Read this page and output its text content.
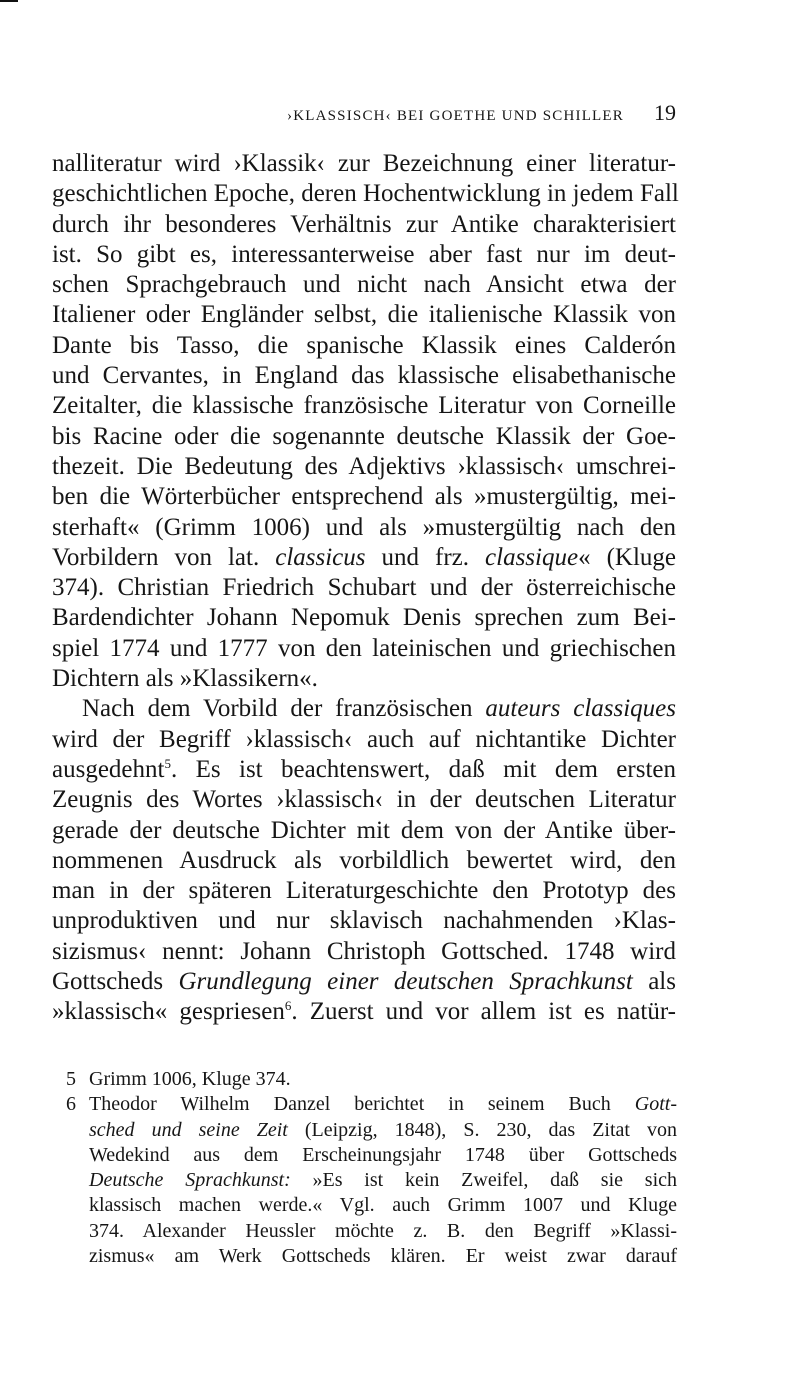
›KLASSISCH‹ BEI GOETHE UND SCHILLER 19
nalliteratur wird ›Klassik‹ zur Bezeichnung einer literatur-
geschichtlichen Epoche, deren Hochentwicklung in jedem Fall
durch ihr besonderes Verhältnis zur Antike charakterisiert
ist. So gibt es, interessanterweise aber fast nur im deut-
schen Sprachgebrauch und nicht nach Ansicht etwa der
Italiener oder Engländer selbst, die italienische Klassik von
Dante bis Tasso, die spanische Klassik eines Calderón
und Cervantes, in England das klassische elisabethanische
Zeitalter, die klassische französische Literatur von Corneille
bis Racine oder die sogenannte deutsche Klassik der Goe-
thezeit. Die Bedeutung des Adjektivs ›klassisch‹ umschrei-
ben die Wörterbücher entsprechend als »mustergültig, mei-
sterhaft« (Grimm 1006) und als »mustergültig nach den
Vorbildern von lat. classicus und frz. classique« (Kluge
374). Christian Friedrich Schubart und der österreichische
Bardendichter Johann Nepomuk Denis sprechen zum Bei-
spiel 1774 und 1777 von den lateinischen und griechischen
Dichtern als »Klassikern«.
Nach dem Vorbild der französischen auteurs classiques
wird der Begriff ›klassisch‹ auch auf nichtantike Dichter
ausgedehnt$^5$. Es ist beachtenswert, daß mit dem ersten
Zeugnis des Wortes ›klassisch‹ in der deutschen Literatur
gerade der deutsche Dichter mit dem von der Antike über-
nommenen Ausdruck als vorbildlich bewertet wird, den
man in der späteren Literaturgeschichte den Prototyp des
unproduktiven und nur sklavisch nachahmenden ›Klas-
sizismus‹ nennt: Johann Christoph Gottsched. 1748 wird
Gottscheds Grundlegung einer deutschen Sprachkunst als
»klassisch« gespriesen$^6$. Zuerst und vor allem ist es natür-
5 Grimm 1006, Kluge 374.
6 Theodor Wilhelm Danzel berichtet in seinem Buch Gott-
sched und seine Zeit (Leipzig, 1848), S. 230, das Zitat von
Wedekind aus dem Erscheinungsjahr 1748 über Gottscheds
Deutsche Sprachkunst: »Es ist kein Zweifel, daß sie sich
klassisch machen werde.« Vgl. auch Grimm 1007 und Kluge
374. Alexander Heussler möchte z. B. den Begriff »Klassi-
zismus« am Werk Gottscheds klären. Er weist zwar darauf
